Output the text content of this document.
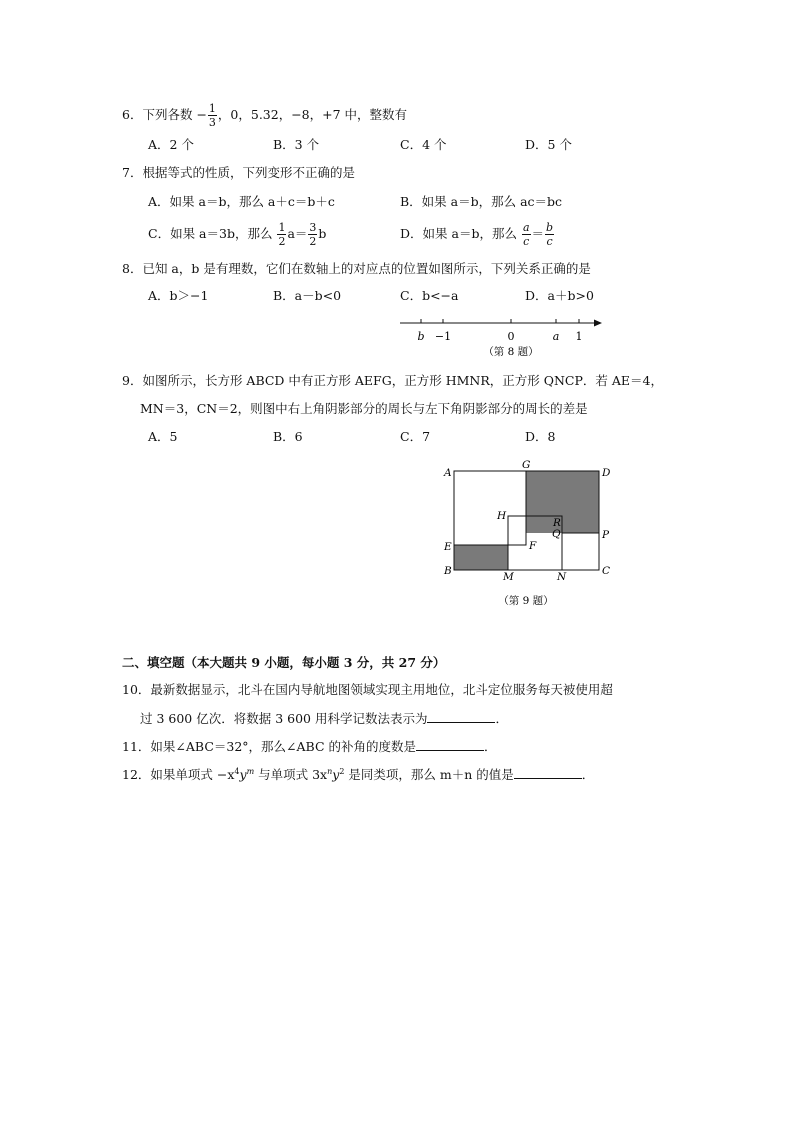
6．下列各数 − $\frac{1}{3}$ ，0，5.32，−8，+7 中，整数有
A．2 个	B．3 个	C．4 个	D．5 个
7．根据等式的性质，下列变形不正确的是
A．如果 a＝b，那么 a＋c＝b＋c	B．如果 a＝b，那么 ac＝bc
C．如果 a＝3b，那么 $\frac{1}{2} a= \frac{3}{2}$ b	D．如果 a＝b，那么 $\frac{a}{c} = \frac{b}{c}$
8．已知 a，b 是有理数，它们在数轴上的对应点的位置如图所示，下列关系正确的是
A．b＞−1	B．a－b<0	C．b<−a	D．a＋b>0
b −1	0	a 1
（第 8 题）
9．如图所示，长方形 ABCD 中有正方形 AEFG，正方形 HMNR，正方形 QNCP．若 AE＝4，
MN＝3，CN＝2，则图中右上角阴影部分的周长与左下角阴影部分的周长的差是
A．5	B．6	C．7	D．8
A
G
D
H
R
Q	P
E	F
B	M	N	C
（第 9 题）
二、填空题（本大题共 9 小题，每小题 3 分，共 27 分）
10．最新数据显示，北斗在国内导航地图领域实现主用地位，北斗定位服务每天被使用超
过 3 600 亿次．将数据 3 600 用科学记数法表示为	．
11．如果∠ABC＝32°，那么∠ABC 的补角的度数是	．
12．如果单项式 $-x^4y^m$ 与单项式 $3x^ny^2$ 是同类项，那么 m＋n 的值是	．
